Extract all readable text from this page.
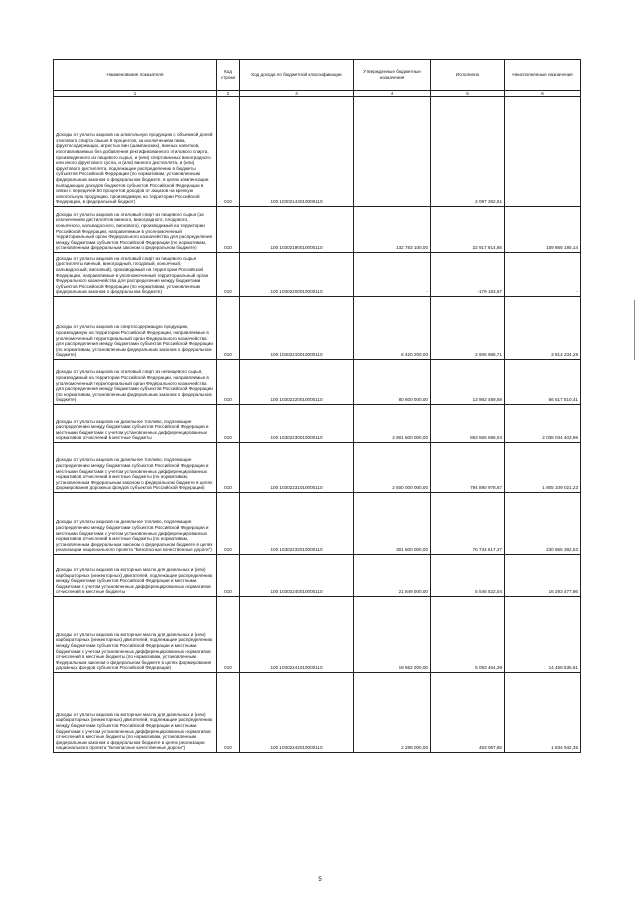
Наименование показателя	Код строки	Код дохода по бюджетной классификации	Утвержденные бюджетные назначения	Исполнено	Неисполненные назначения
1	2	3	4	5	6
Доходы от уплаты акцизов на алкогольную продукцию с объемной долей этилового спирта свыше 9 процентов, за исключением пива, фруктосодержащих, игристых вин (шампанских), винных напитков, изготавливаемых без добавления ректификованного этилового спирта, произведенного из пищевого сырья, и (или) спиртованных виноградного или иного фруктового сусла, и (или) винного дистиллята, и (или) фруктового дистиллята, подлежащие распределению в бюджеты субъектов Российской Федерации (по нормативам, установленным федеральным законом о федеральном бюджете, в целях компенсации выпадающих доходов бюджетов субъектов Российской Федерации в связи с передачей 50 процентов доходов от акцизов на крепкую алкогольную продукцию, производимую на территории Российской Федерации, в федеральный бюджет)	010	100 10302144010000110		2 097 262,61	
Доходы от уплаты акцизов на этиловый спирт из пищевого сырья (за исключением дистиллятов винного, виноградного, плодового, коньячного, кальвадосного, вискового), производимый на территории Российской Федерации, направляемые в уполномоченный территориальный орган Федерального казначейства для распределения между бюджетами субъектов Российской Федерации (по нормативам, установленным федеральным законом о федеральном бюджете)	010	100 10302190010000110	132 783 100,00	22 917 914,86	109 865 185,14
Доходы от уплаты акцизов на этиловый спирт из пищевого сырья (дистилляты винный, виноградный, плодовый, коньячный, кальвадосный, висковый), производимый на территории Российской Федерации, направляемые в уполномоченный территориальный орган Федерального казначейства для распределения между бюджетами субъектов Российской Федерации (по нормативам, установленным федеральным законом о федеральном бюджете)	010	100 10302200010000110	-	-179 153,67	-
Доходы от уплаты акцизов на спиртосодержащую продукцию, производимую на территории Российской Федерации, направляемые в уполномоченный территориальный орган Федерального казначейства для распределения между бюджетами субъектов Российской Федерации (по нормативам, установленным федеральным законом о федеральном бюджете)	010	100 10302210010000110	6 420 200,00	2 605 965,71	3 814 234,29
Доходы от уплаты акцизов на этиловый спирт из непищевого сырья, производимый на территории Российской Федерации, направляемые в уполномоченный территориальный орган Федерального казначейства для распределения между бюджетами субъектов Российской Федерации (по нормативам, установленным федеральным законом о федеральном бюджете)	010	100 10302220010000110	80 600 000,00	13 982 489,59	66 617 510,41
Доходы от уплаты акцизов на дизельное топливо, подлежащие распределению между бюджетами субъектов Российской Федерации и местными бюджетами с учетом установленных дифференцированных нормативов отчислений в местные бюджеты	010	100 10302230010000110	2 901 600 000,00	863 565 596,04	2 038 034 403,96
Доходы от уплаты акцизов на дизельное топливо, подлежащие распределению между бюджетами субъектов Российской Федерации и местными бюджетами с учетом установленных дифференцированных нормативов отчислений в местные бюджеты (по нормативам, установленным Федеральным законом о федеральном бюджете в целях формирования дорожных фондов субъектов Российской Федерации)	010	100 10302231010000110	2 600 000 000,00	794 890 978,87	1 805 109 021,23
Доходы от уплаты акцизов на дизельное топливо, подлежащие распределению между бюджетами субъектов Российской Федерации и местными бюджетами с учетом установленных дифференцированных нормативов отчислений в местные бюджеты (по нормативам, установленным федеральным законом о федеральном бюджете в целях реализации национального проекта "Безопасные качественные дороги")	010	100 10302232010000110	301 600 000,00	70 734 617,37	230 865 382,63
Доходы от уплаты акцизов на моторные масла для дизельных и (или) карбюраторных (инжекторных) двигателей, подлежащие распределению между бюджетами субъектов Российской Федерации и местными бюджетами с учетом установленных дифференцированных нормативов отчислений в местные бюджеты	010	100 10302240010000110	21 849 000,00	5 546 522,04	16 293 477,96
Доходы от уплаты акцизов на моторные масла для дизельных и (или) карбюраторных (инжекторных) двигателей, подлежащие распределению между бюджетами субъектов Российской Федерации и местными бюджетами с учетом установленных дифференцированных нормативов отчислений в местные бюджеты (по нормативам, установленным Федеральным законом о федеральном бюджете в целях формирования дорожных фондов субъектов Российской Федерации)	010	100 10302241010000110	19 552 000,00	5 093 464,39	14 458 535,61
Доходы от уплаты акцизов на моторные масла для дизельных и (или) карбюраторных (инжекторных) двигателей, подлежащие распределению между бюджетами субъектов Российской Федерации и местными бюджетами с учетом установленных дифференцированных нормативов отчислений в местные бюджеты (по нормативам, установленным федеральным законом о федеральном бюджете в целях реализации национального проекта "Безопасные качественные дороги")	010	100 10302242010000110	2 288 000,00	453 057,65	1 834 942,35
5
